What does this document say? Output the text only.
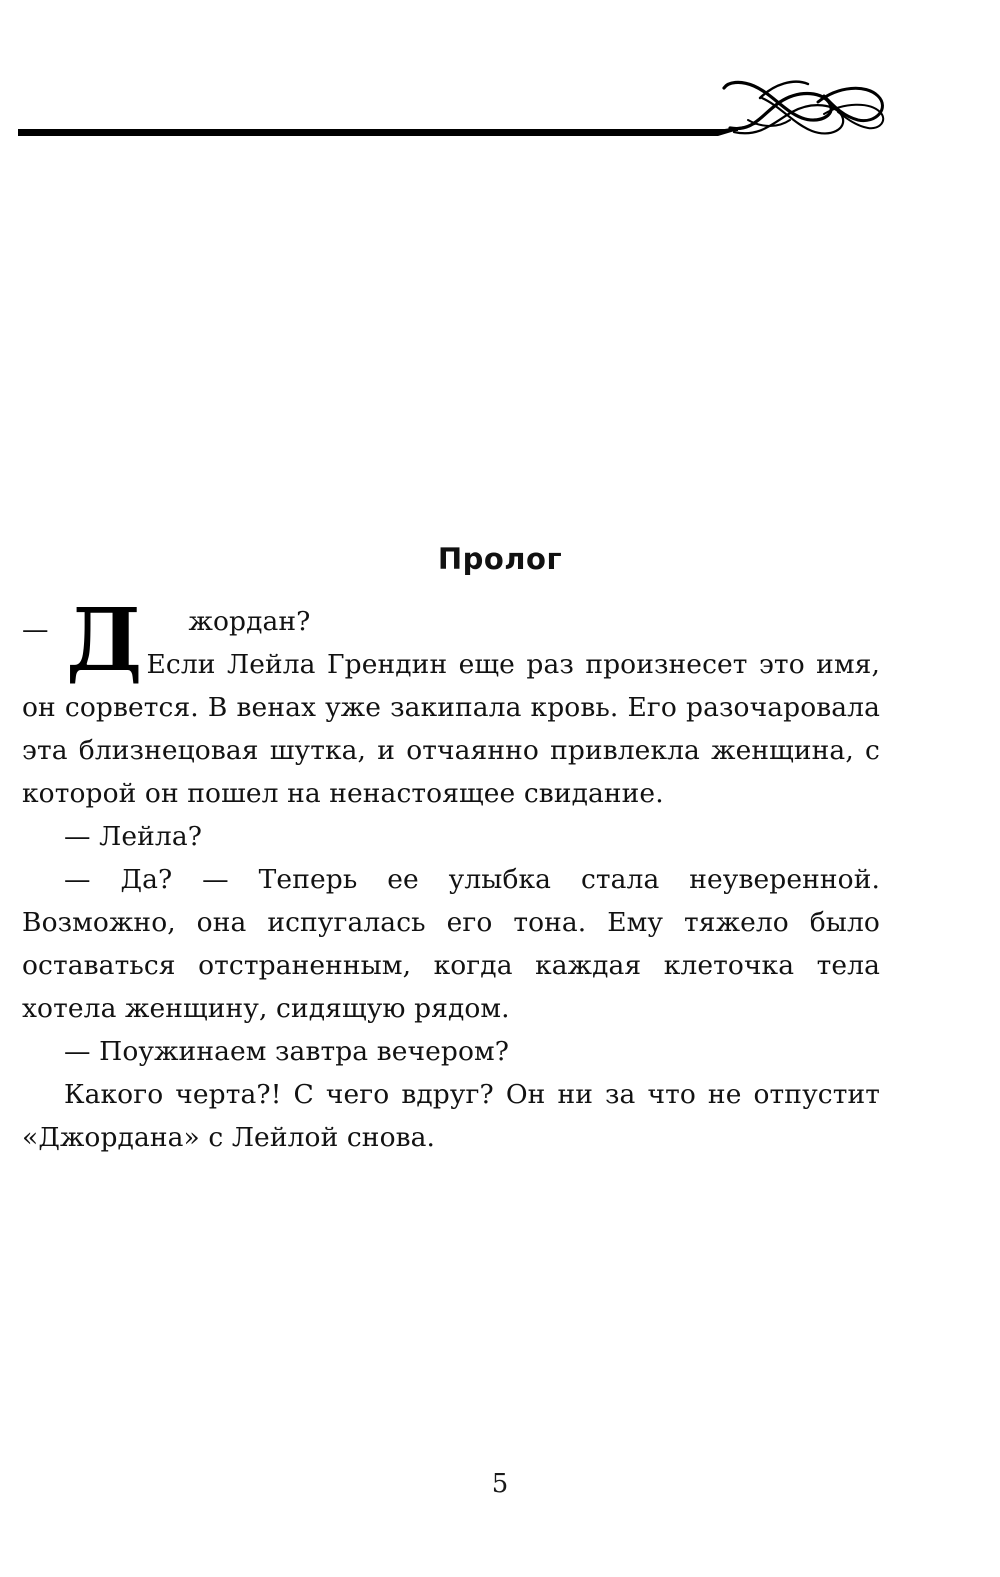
Пролог
— Д	жордан?

Если Лейла Грендин еще раз произнесет это имя, он сорвется. В венах уже закипала кровь. Его разочаровала эта близнецовая шутка, и отчаянно привлекла женщина, с которой он пошел на ненастоящее свидание.

— Лейла?

— Да? — Теперь ее улыбка стала неуверенной. Возможно, она испугалась его тона. Ему тяжело было оставаться отстраненным, когда каждая клеточка тела хотела женщину, сидящую рядом.

— Поужинаем завтра вечером?

Какого черта?! С чего вдруг? Он ни за что не отпустит «Джордана» с Лейлой снова.

5
